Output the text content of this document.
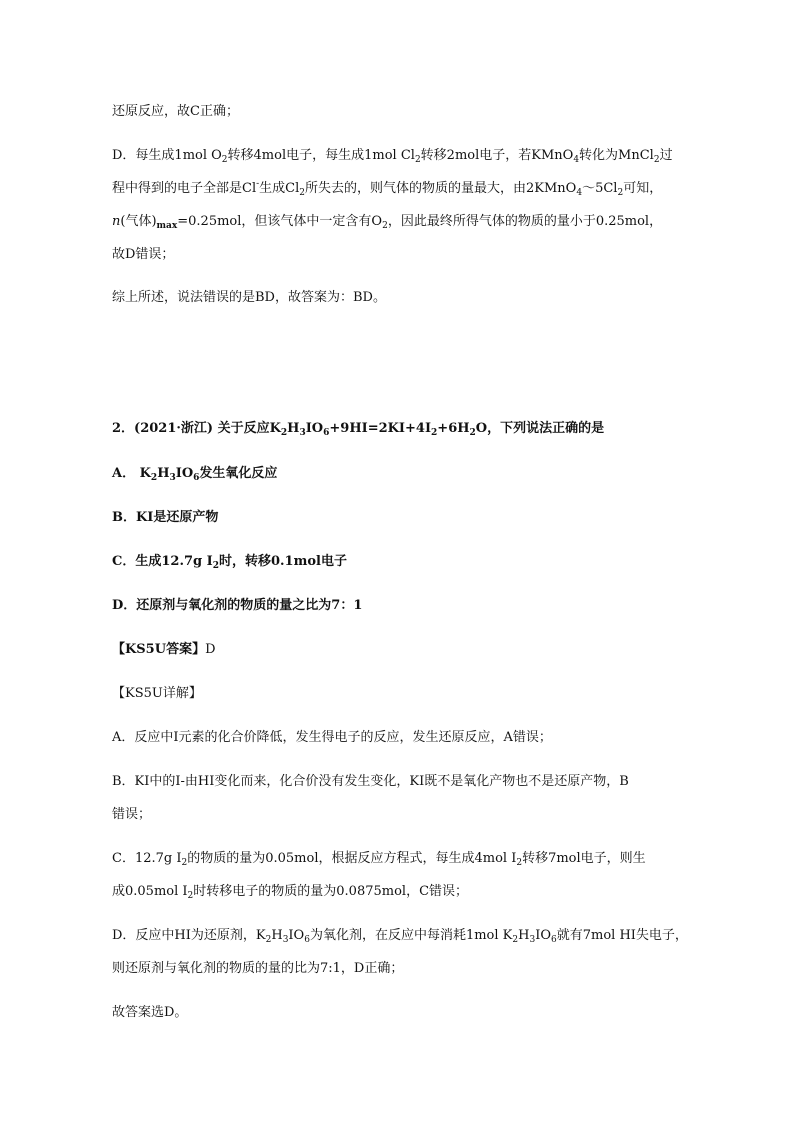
还原反应，故C正确；
D．每生成1mol $O_2$转移4mol电子，每生成1mol $Cl_2$转移2mol电子，若KMnO$_4$转化为MnCl$_2$过
程中得到的电子全部是Cl-生成$Cl_2$所失去的，则气体的物质的量最大，由$2KMnO_4\sim 5Cl_2$可知，
n(气体)$_{max}=0.25mol$，但该气体中一定含有$O_2$，因此最终所得气体的物质的量小于0.25mol，
故D错误；
综上所述，说法错误的是BD，故答案为：BD。
2．(2021·浙江) 关于反应$K_2H_3IO_6+9HI=2KI+4I_2+6H_2O$，下列说法正确的是
A． $K_2H_3IO_6$发生氧化反应
B．KI是还原产物
C．生成12.7g $I_2$时，转移0.1mol电子
D．还原剂与氧化剂的物质的量之比为7：1
【KS5U答案】D
【KS5U详解】
A．反应中I元素的化合价降低，发生得电子的反应，发生还原反应，A错误；
B．KI中的I-由HI变化而来，化合价没有发生变化，KI既不是氧化产物也不是还原产物，B
错误；
C．12.7g $I_2$的物质的量为0.05mol，根据反应方程式，每生成4mol $I_2$转移7mol电子，则生
成0.05mol $I_2$时转移电子的物质的量为0.0875mol，C错误；
D．反应中HI为还原剂，$K_2H_3IO_6$为氧化剂，在反应中每消耗1mol $K_2H_3IO_6$就有7mol HI失电子，
则还原剂与氧化剂的物质的量的比为7:1，D正确；
故答案选D。
